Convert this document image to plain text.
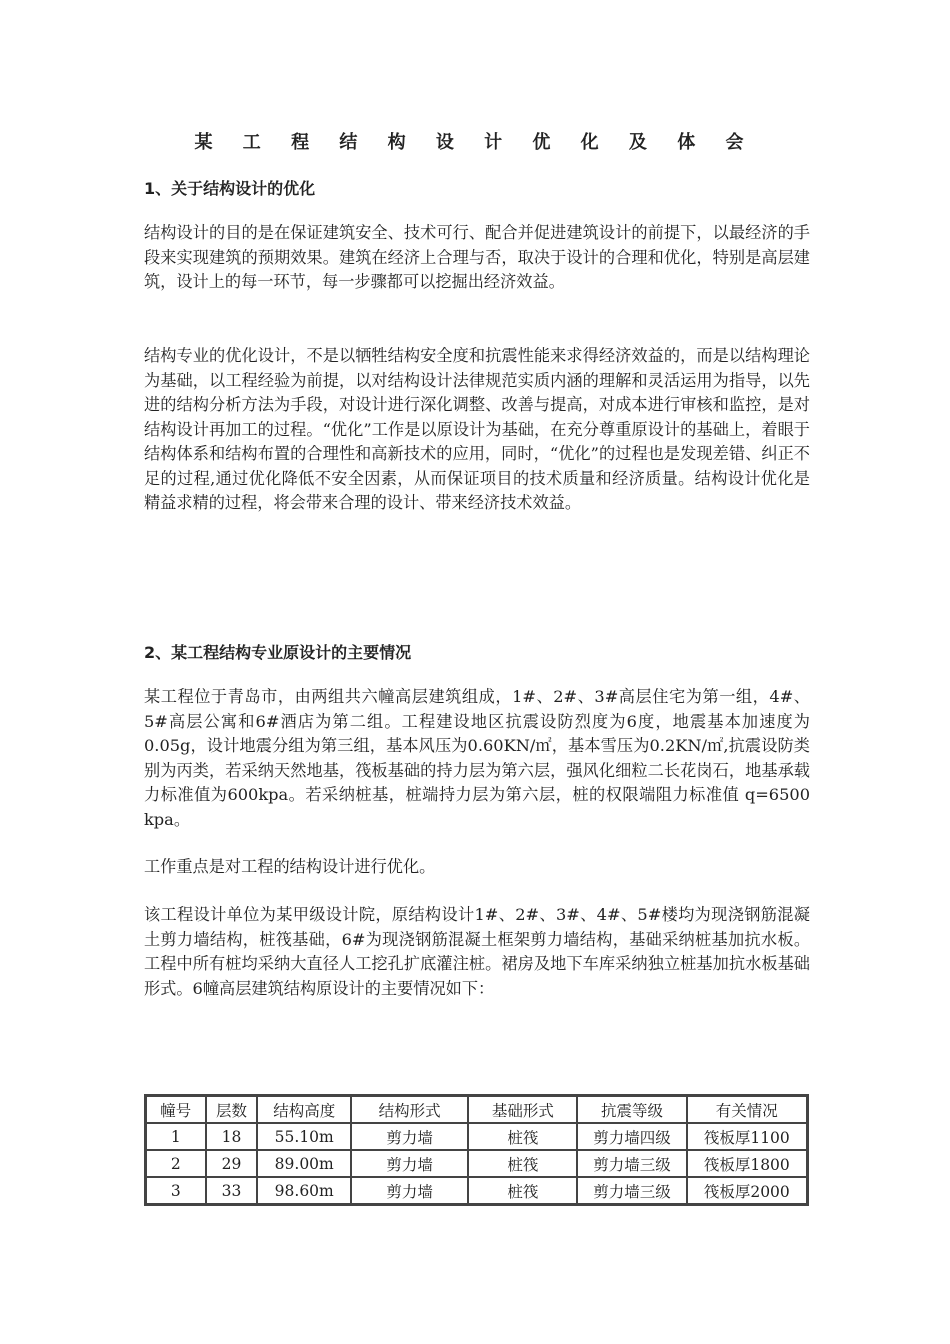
某 工 程 结 构 设 计 优 化 及 体 会
1、关于结构设计的优化
结构设计的目的是在保证建筑安全、技术可行、配合并促进建筑设计的前提下，以最经济的手段来实现建筑的预期效果。建筑在经济上合理与否，取决于设计的合理和优化，特别是高层建筑，设计上的每一环节，每一步骤都可以挖掘出经济效益。
结构专业的优化设计，不是以牺牲结构安全度和抗震性能来求得经济效益的，而是以结构理论为基础，以工程经验为前提，以对结构设计法律规范实质内涵的理解和灵活运用为指导，以先进的结构分析方法为手段，对设计进行深化调整、改善与提高，对成本进行审核和监控，是对结构设计再加工的过程。“优化”工作是以原设计为基础，在充分尊重原设计的基础上，着眼于结构体系和结构布置的合理性和高新技术的应用，同时，“优化”的过程也是发现差错、纠正不足的过程,通过优化降低不安全因素，从而保证项目的技术质量和经济质量。结构设计优化是精益求精的过程，将会带来合理的设计、带来经济技术效益。
2、某工程结构专业原设计的主要情况
某工程位于青岛市，由两组共六幢高层建筑组成，1#、2#、3#高层住宅为第一组，4#、5#高层公寓和6#酒店为第二组。工程建设地区抗震设防烈度为6度，地震基本加速度为0.05g，设计地震分组为第三组，基本风压为0.60KN/㎡，基本雪压为0.2KN/㎡,抗震设防类别为丙类，若采纳天然地基，筏板基础的持力层为第六层，强风化细粒二长花岗石，地基承载力标准值为600kpa。若采纳桩基，桩端持力层为第六层，桩的权限端阻力标准值 q=6500 kpa。
工作重点是对工程的结构设计进行优化。
该工程设计单位为某甲级设计院，原结构设计1#、2#、3#、4#、5#楼均为现浇钢筋混凝土剪力墙结构，桩筏基础，6#为现浇钢筋混凝土框架剪力墙结构，基础采纳桩基加抗水板。工程中所有桩均采纳大直径人工挖孔扩底灌注桩。裙房及地下车库采纳独立桩基加抗水板基础形式。6幢高层建筑结构原设计的主要情况如下：
幢号	层数	结构高度	结构形式	基础形式	抗震等级	有关情况
1	18	55.10m	剪力墙	桩筏	剪力墙四级	筏板厚1100
2	29	89.00m	剪力墙	桩筏	剪力墙三级	筏板厚1800
3	33	98.60m	剪力墙	桩筏	剪力墙三级	筏板厚2000
